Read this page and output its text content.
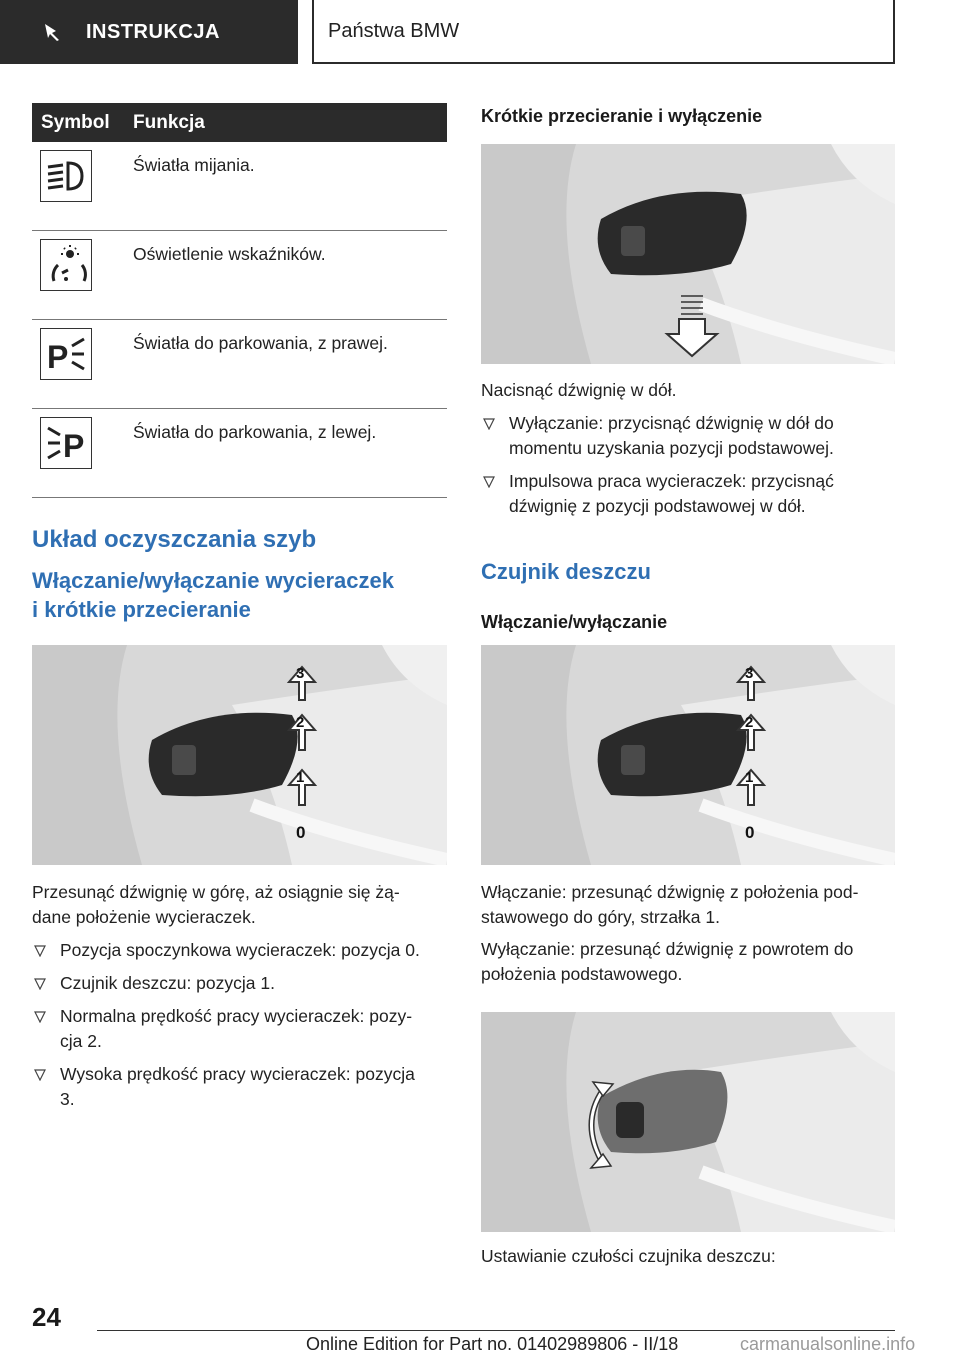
INSTRUKCJA	Państwa BMW
Symbol	Funkcja

	Światła mijania.

	Oświetlenie wskaźników.

P	Światła do parkowania, z prawej.

P	Światła do parkowania, z lewej.
Układ oczyszczania szyb
Włączanie/wyłączanie wycieraczek
i krótkie przecieranie
3
2
1
0

Przesunąć dźwignię w górę, aż osiągnie się żą-
dane położenie wycieraczek.

Pozycja spoczynkowa wycieraczek: pozycja 0.
Czujnik deszczu: pozycja 1.
Normalna prędkość pracy wycieraczek: pozy-
cja 2.
Wysoka prędkość pracy wycieraczek: pozycja
3.
Krótkie przecieranie i wyłączenie

Nacisnąć dźwignię w dół.

Wyłączanie: przycisnąć dźwignię w dół do
momentu uzyskania pozycji podstawowej.
Impulsowa praca wycieraczek: przycisnąć
dźwignię z pozycji podstawowej w dół.
Czujnik deszczu
Włączanie/wyłączanie
3
2
1
0

Włączanie: przesunąć dźwignię z położenia pod-
stawowego do góry, strzałka 1.

Wyłączanie: przesunąć dźwignię z powrotem do
położenia podstawowego.

Ustawianie czułości czujnika deszczu:

24
Online Edition for Part no. 01402989806 - II/18	carmanualsonline.info
